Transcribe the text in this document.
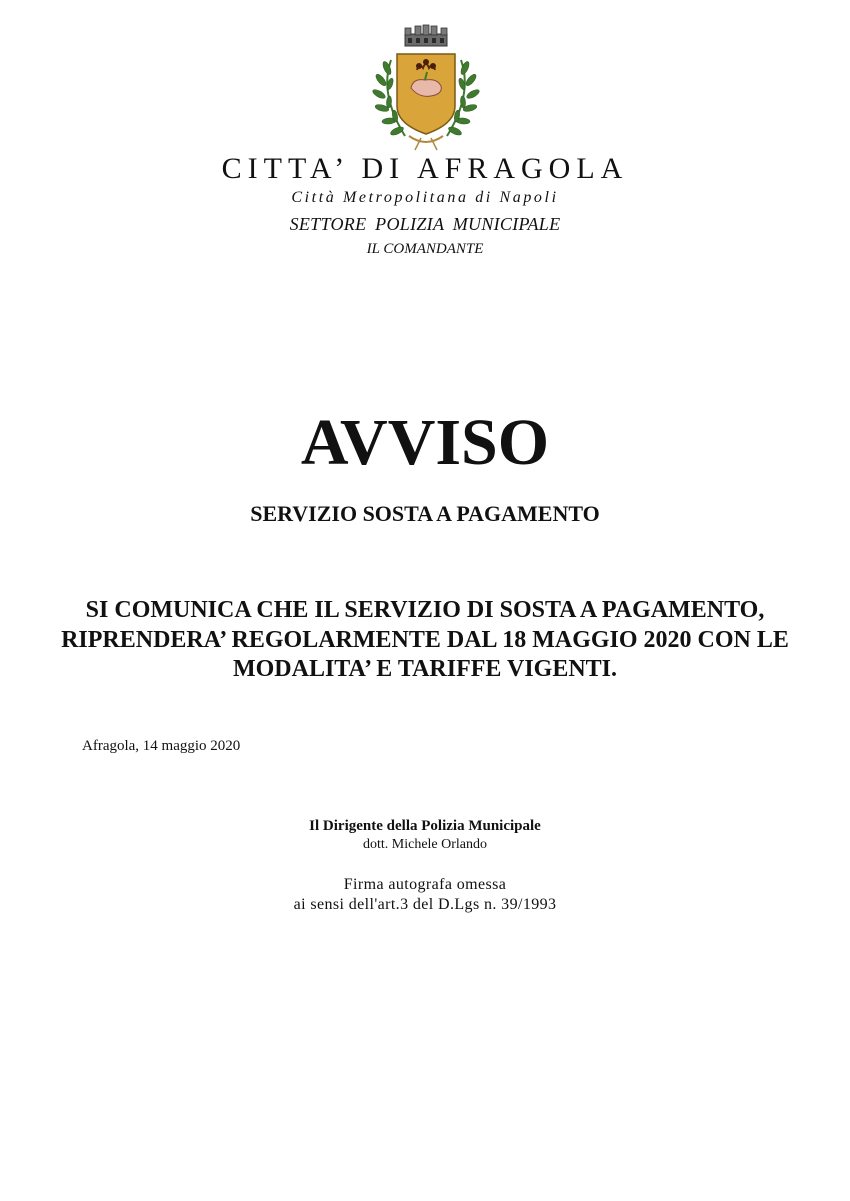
CITTA’ DI AFRAGOLA
Città Metropolitana di Napoli
SETTORE POLIZIA MUNICIPALE
IL COMANDANTE
AVVISO
SERVIZIO SOSTA A PAGAMENTO
SI COMUNICA CHE IL SERVIZIO DI SOSTA A PAGAMENTO, RIPRENDERA’ REGOLARMENTE DAL 18 MAGGIO 2020 CON LE MODALITA’ E TARIFFE VIGENTI.
Afragola, 14 maggio 2020
Il Dirigente della Polizia Municipale
dott. Michele Orlando
Firma autografa omessa
ai sensi dell'art.3 del D.Lgs n. 39/1993
